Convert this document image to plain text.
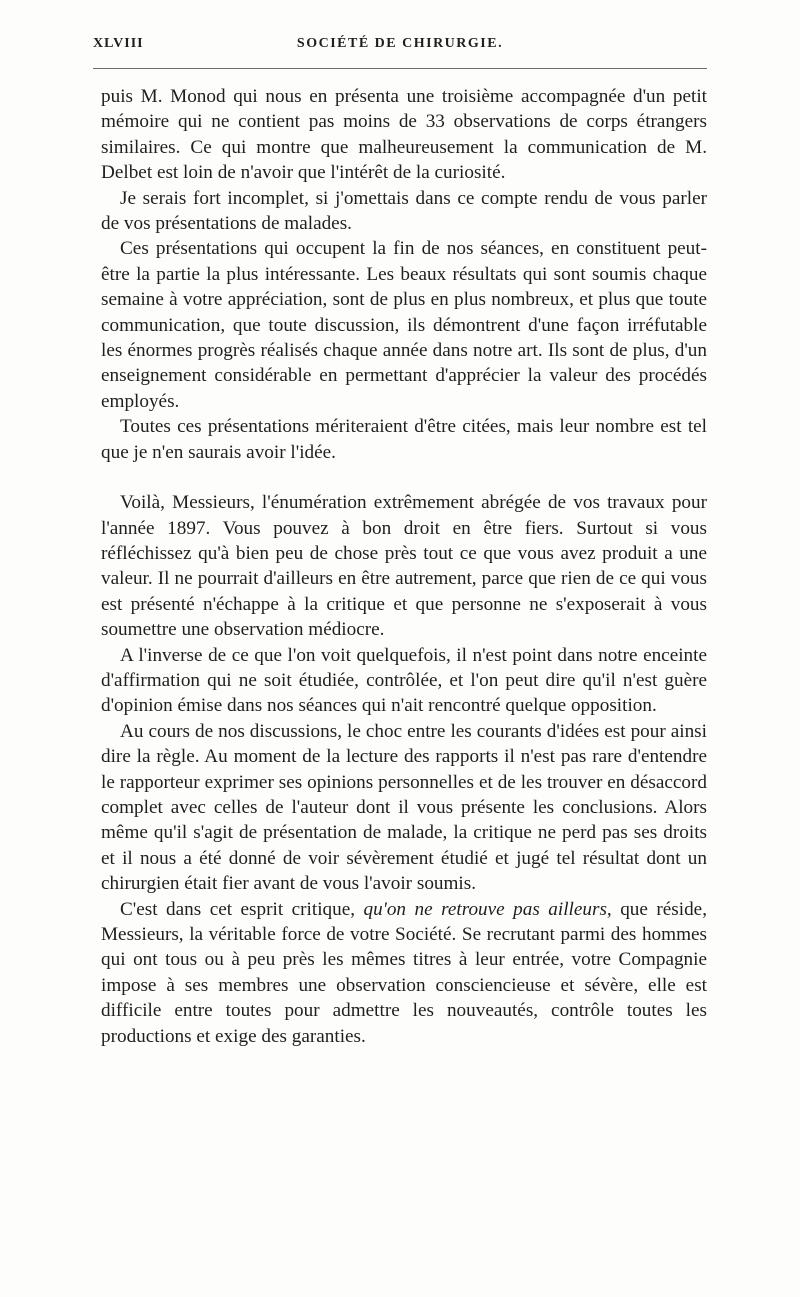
XLVIII	SOCIÉTÉ DE CHIRURGIE.

puis M. Monod qui nous en présenta une troisième accompagnée d'un petit mémoire qui ne contient pas moins de 33 observations de corps étrangers similaires. Ce qui montre que malheureusement la communication de M. Delbet est loin de n'avoir que l'intérêt de la curiosité.

Je serais fort incomplet, si j'omettais dans ce compte rendu de vous parler de vos présentations de malades.

Ces présentations qui occupent la fin de nos séances, en constituent peut-être la partie la plus intéressante. Les beaux résultats qui sont soumis chaque semaine à votre appréciation, sont de plus en plus nombreux, et plus que toute communication, que toute discussion, ils démontrent d'une façon irréfutable les énormes progrès réalisés chaque année dans notre art. Ils sont de plus, d'un enseignement considérable en permettant d'apprécier la valeur des procédés employés.

Toutes ces présentations mériteraient d'être citées, mais leur nombre est tel que je n'en saurais avoir l'idée.

Voilà, Messieurs, l'énumération extrêmement abrégée de vos travaux pour l'année 1897. Vous pouvez à bon droit en être fiers. Surtout si vous réfléchissez qu'à bien peu de chose près tout ce que vous avez produit a une valeur. Il ne pourrait d'ailleurs en être autrement, parce que rien de ce qui vous est présenté n'échappe à la critique et que personne ne s'exposerait à vous soumettre une observation médiocre.

A l'inverse de ce que l'on voit quelquefois, il n'est point dans notre enceinte d'affirmation qui ne soit étudiée, contrôlée, et l'on peut dire qu'il n'est guère d'opinion émise dans nos séances qui n'ait rencontré quelque opposition.

Au cours de nos discussions, le choc entre les courants d'idées est pour ainsi dire la règle. Au moment de la lecture des rapports il n'est pas rare d'entendre le rapporteur exprimer ses opinions personnelles et de les trouver en désaccord complet avec celles de l'auteur dont il vous présente les conclusions. Alors même qu'il s'agit de présentation de malade, la critique ne perd pas ses droits et il nous a été donné de voir sévèrement étudié et jugé tel résultat dont un chirurgien était fier avant de vous l'avoir soumis.

C'est dans cet esprit critique, qu'on ne retrouve pas ailleurs, que réside, Messieurs, la véritable force de votre Société. Se recrutant parmi des hommes qui ont tous ou à peu près les mêmes titres à leur entrée, votre Compagnie impose à ses membres une observation consciencieuse et sévère, elle est difficile entre toutes pour admettre les nouveautés, contrôle toutes les productions et exige des garanties.
